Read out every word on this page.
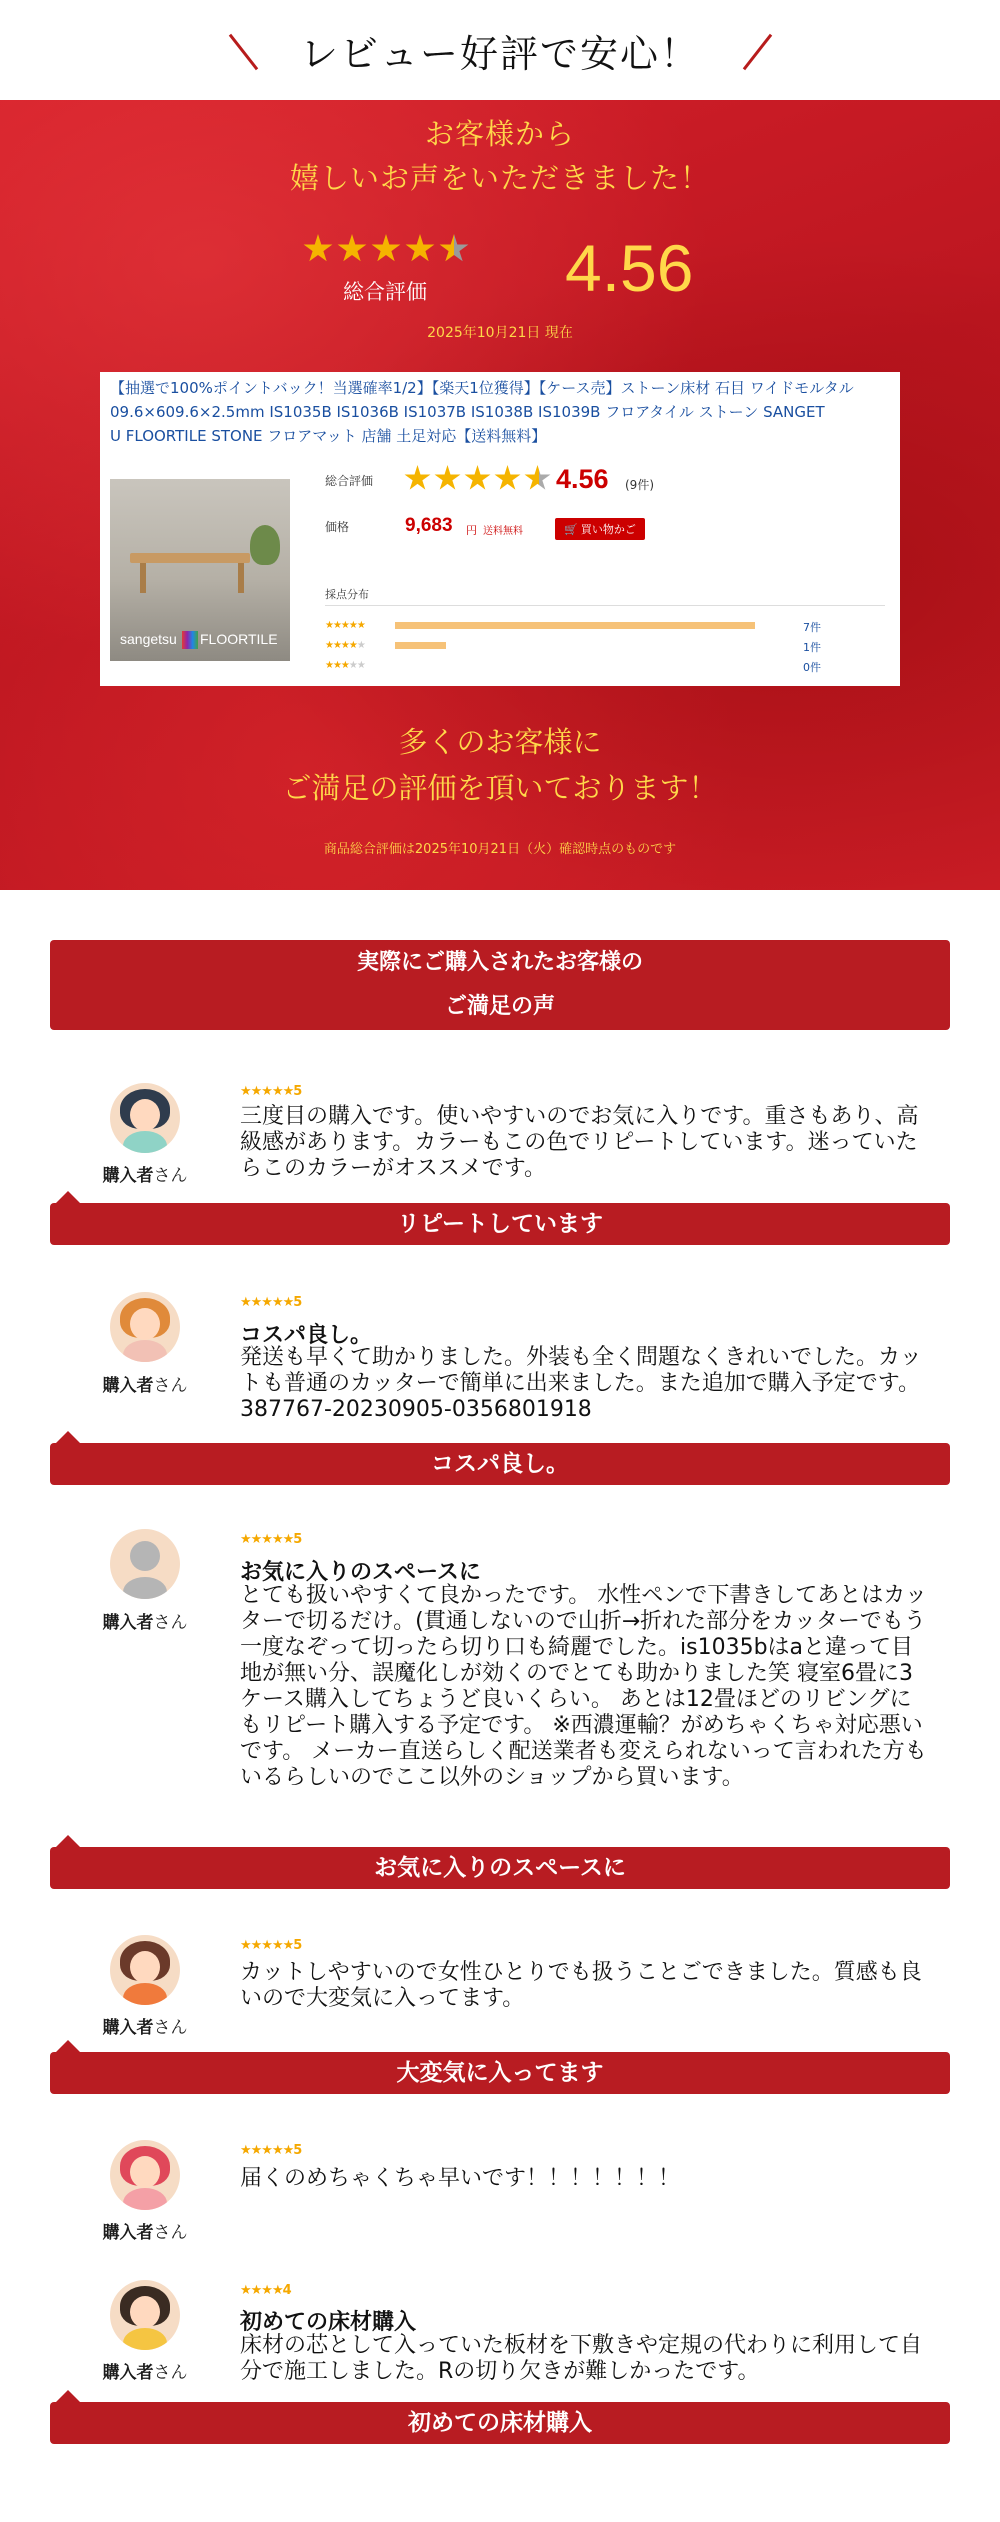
レビュー好評で安心！
お客様から
嬉しいお声をいただきました！
総合評価 4.56
2025年10月21日 現在
【抽選で100%ポイントバック！当選確率1/2】【楽天1位獲得】【ケース売】ストーン床材 石目 ワイドモルタル
09.6×609.6×2.5mm IS1035B IS1036B IS1037B IS1038B IS1039B フロアタイル ストーン SANGET
U FLOORTILE STONE フロアマット 店舗 土足対応【送料無料】
sangetsu FLOORTILE
総合評価	4.56 (9件)
価格	9,683 円 送料無料	🛒 買い物かご
採点分布
★★★★★	7件
★★★★★	1件
★★★★★	0件
多くのお客様に
ご満足の評価を頂いております！
商品総合評価は2025年10月21日（火）確認時点のものです
実際にご購入されたお客様の
ご満足の声
購入者さん
★★★★★5
三度目の購入です。使いやすいのでお気に入りです。重さもあり、高級感があります。カラーもこの色でリピートしています。迷っていたらこのカラーがオススメです。
リピートしています
購入者さん
★★★★★5
コスパ良し。
発送も早くて助かりました。外装も全く問題なくきれいでした。カットも普通のカッターで簡単に出来ました。また追加で購入予定です。 387767-20230905-0356801918
コスパ良し。
購入者さん
★★★★★5
お気に入りのスペースに
とても扱いやすくて良かったです。 水性ペンで下書きしてあとはカッターで切るだけ。(貫通しないので山折→折れた部分をカッターでもう一度なぞって切ったら切り口も綺麗でした。is1035bはaと違って目地が無い分、誤魔化しが効くのでとても助かりました笑 寝室6畳に3ケース購入してちょうど良いくらい。 あとは12畳ほどのリビングにもリピート購入する予定です。 ※西濃運輸？がめちゃくちゃ対応悪いです。 メーカー直送らしく配送業者も変えられないって言われた方もいるらしいのでここ以外のショップから買います。
お気に入りのスペースに
購入者さん
★★★★★5
カットしやすいので女性ひとりでも扱うことごできました。質感も良いので大変気に入ってます。
大変気に入ってます
購入者さん
★★★★★5
届くのめちゃくちゃ早いです！！！！！！！
購入者さん
★★★★4
初めての床材購入
床材の芯として入っていた板材を下敷きや定規の代わりに利用して自分で施工しました。Rの切り欠きが難しかったです。
初めての床材購入
